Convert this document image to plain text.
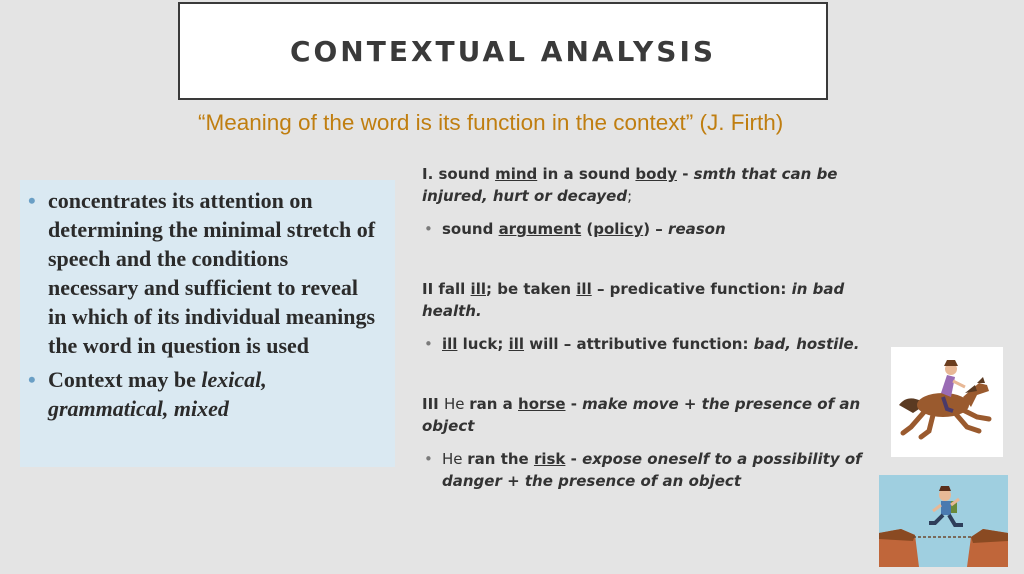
CONTEXTUAL ANALYSIS
“Meaning of the word is its function in the context” (J. Firth)
• concentrates its attention on determining the minimal stretch of speech and the conditions necessary and sufficient to reveal in which of its individual meanings the word in question is used
• Context may be lexical, grammatical, mixed

I. sound mind in a sound body - smth that can be injured, hurt or decayed;

• sound argument (policy) – reason

II fall ill; be taken ill – predicative function: in bad health.

• ill luck; ill will – attributive function: bad, hostile.

III He ran a horse - make move + the presence of an object

• He ran the risk - expose oneself to a possibility of danger + the presence of an object
